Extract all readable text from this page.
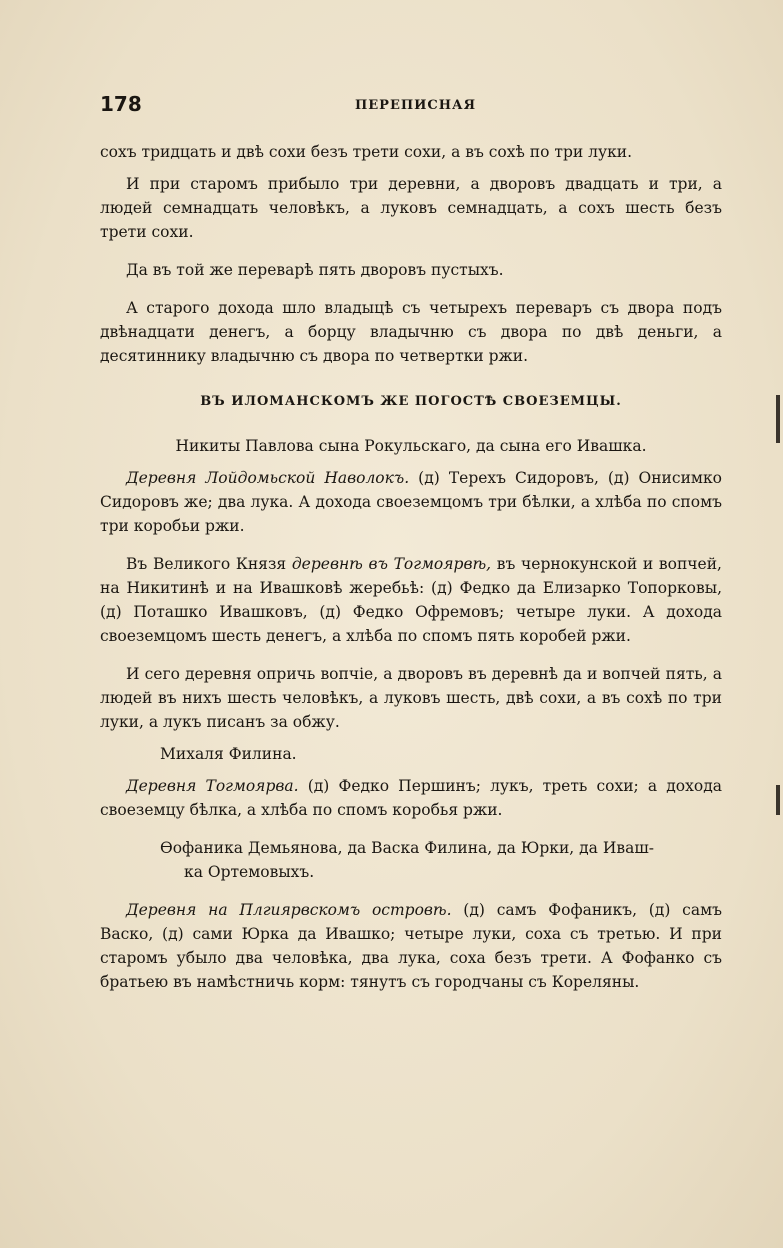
178	ПЕРЕПИСНАЯ

сохъ тридцать и двѣ сохи безъ трети сохи, а въ сохѣ по три луки.

И при старомъ прибыло три деревни, а дворовъ двадцать и три, а людей семнадцать человѣкъ, а луковъ семнадцать, а сохъ шесть безъ трети сохи.

Да въ той же переварѣ пять дворовъ пустыхъ.

А старого дохода шло владыцѣ съ четырехъ переваръ съ двора подъ двѣнадцати денегъ, а борцу владычню съ двора по двѣ деньги, а десятиннику владычню съ двора по четвертки ржи.

ВЪ ИЛОМАНСКОМЪ ЖЕ ПОГОСТѢ СВОЕЗЕМЦЫ.

Никиты Павлова сына Рокульскаго, да сына его Ивашка.

Деревня Лойдомьской Наволокъ. (д) Терехъ Сидоровъ, (д) Онисимко Сидоровъ же; два лука. А дохода своеземцомъ три бѣлки, а хлѣба по спомъ три коробьи ржи.

Въ Великого Князя деревнѣ въ Тогмоярвѣ, въ чернокунской и вопчей, на Никитинѣ и на Ивашковѣ жеребьѣ: (д) Федко да Елизарко Топорковы, (д) Поташко Ивашковъ, (д) Федко Офремовъ; четыре луки. А дохода своеземцомъ шесть денегъ, а хлѣба по спомъ пять коробей ржи.

И сего деревня опричь вопчіе, а дворовъ въ деревнѣ да и вопчей пять, а людей въ нихъ шесть человѣкъ, а луковъ шесть, двѣ сохи, а въ сохѣ по три луки, а лукъ писанъ за обжу.

Михаля Филина.

Деревня Тогмоярва. (д) Федко Першинъ; лукъ, треть сохи; а дохода своеземцу бѣлка, а хлѣба по спомъ коробья ржи.

Ѳофаника Демьянова, да Васка Филина, да Юрки, да Иваш-
ка Ортемовыхъ.

Деревня на Плгиярвскомъ островѣ. (д) самъ Фофаникъ, (д) самъ Васко, (д) сами Юрка да Ивашко; четыре луки, соха съ третью. И при старомъ убыло два человѣка, два лука, соха безъ трети. А Фофанко съ братьею въ намѣстничь корм: тянутъ съ городчаны съ Кореляны.
